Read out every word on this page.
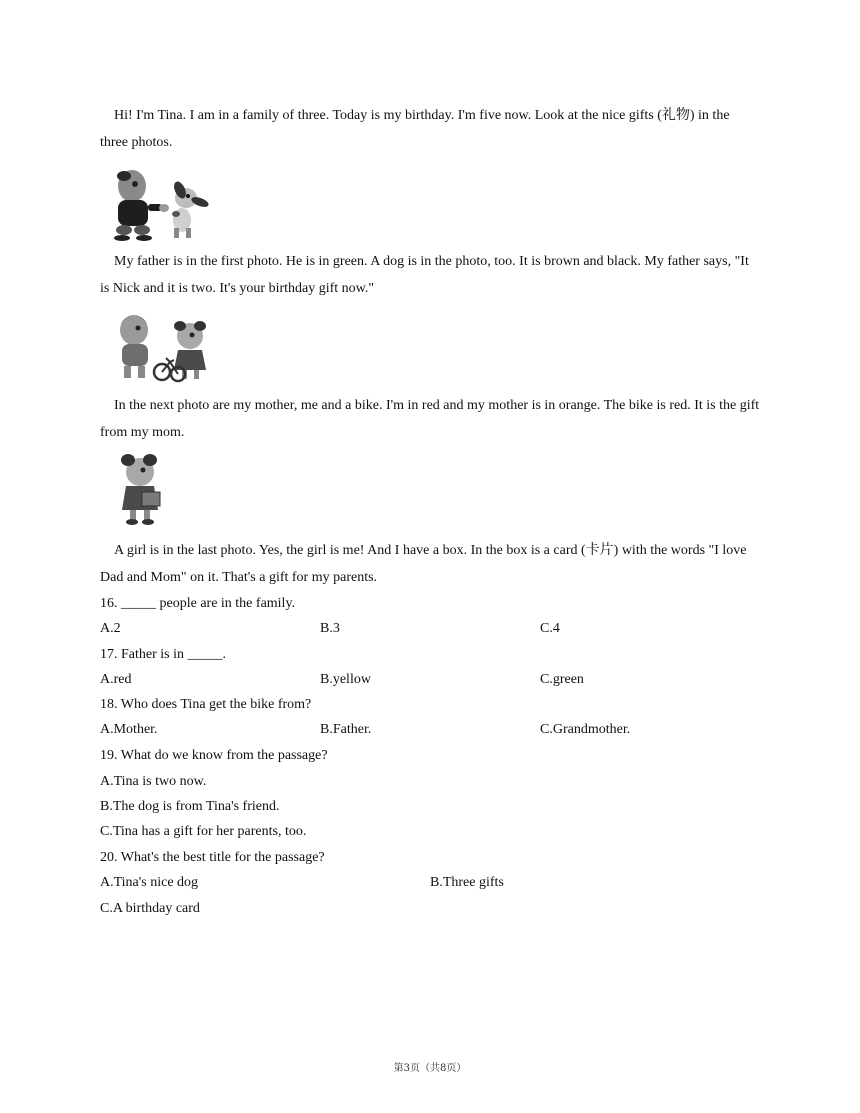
Hi! I'm Tina. I am in a family of three. Today is my birthday. I'm five now. Look at the nice gifts (礼物) in the three photos.

My father is in the first photo. He is in green. A dog is in the photo, too. It is brown and black. My father says, "It is Nick and it is two. It's your birthday gift now."

In the next photo are my mother, me and a bike. I'm in red and my mother is in orange. The bike is red. It is the gift from my mom.

A girl is in the last photo. Yes, the girl is me! And I have a box. In the box is a card (卡片) with the words "I love Dad and Mom" on it. That's a gift for my parents.

16. _____ people are in the family.
A.2	B.3	C.4
17. Father is in _____.
A.red	B.yellow	C.green
18. Who does Tina get the bike from?
A.Mother.	B.Father.	C.Grandmother.
19. What do we know from the passage?
A.Tina is two now.
B.The dog is from Tina's friend.
C.Tina has a gift for her parents, too.
20. What's the best title for the passage?
A.Tina's nice dog	B.Three gifts
C.A birthday card
第3页（共8页）
